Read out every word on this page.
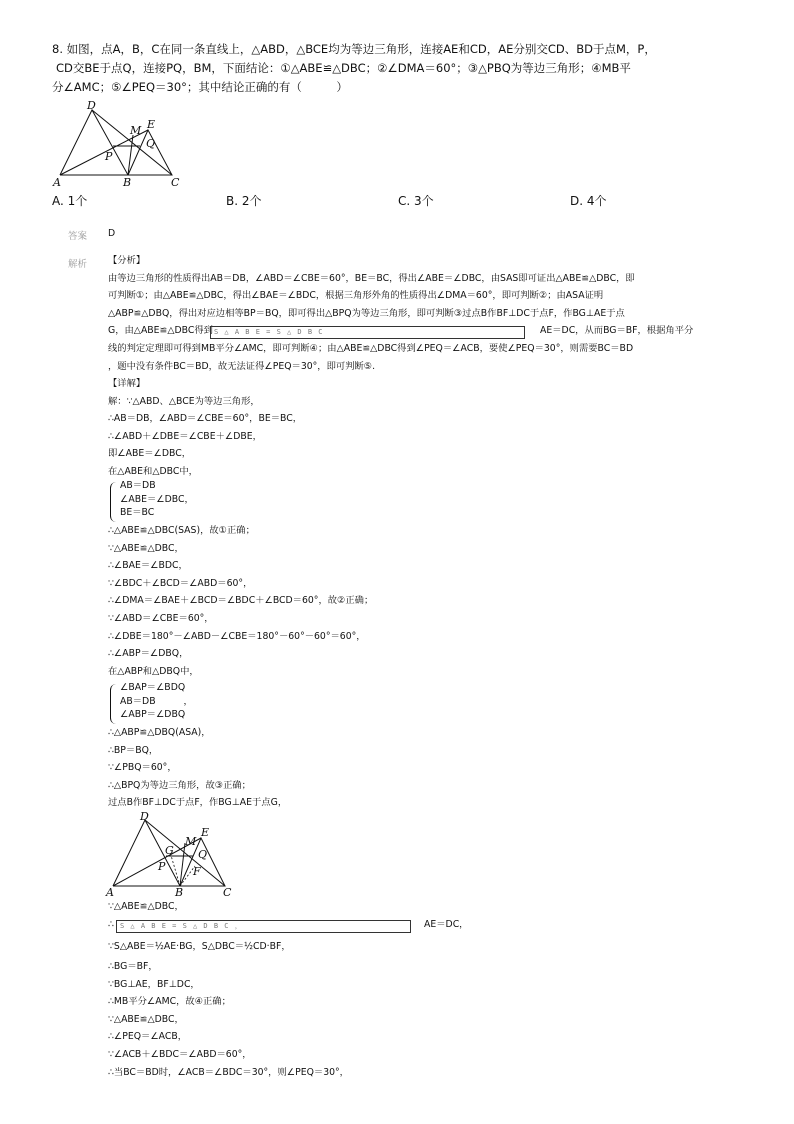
8. 如图，点A，B，C在同一条直线上，△ABD，△BCE均为等边三角形，连接AE和CD，AE分别交CD、BD于点M，P，
CD交BE于点Q，连接PQ，BM，下面结论：①△ABE≌△DBC；②∠DMA＝60°；③△PBQ为等边三角形；④MB平
分∠AMC；⑤∠PEQ＝30°；其中结论正确的有（　　　）
D
M E
Q
P
A	B	C
A. 1个	B. 2个	C. 3个	D. 4个
答案 D
解析 【分析】
由等边三角形的性质得出AB＝DB，∠ABD＝∠CBE＝60°，BE＝BC，得出∠ABE＝∠DBC，由SAS即可证出△ABE≌△DBC，即
可判断①；由△ABE≌△DBC，得出∠BAE＝∠BDC，根据三角形外角的性质得出∠DMA＝60°，即可判断②；由ASA证明
△ABP≌△DBQ，得出对应边相等BP＝BQ，即可得出△BPQ为等边三角形，即可判断③过点B作BF⊥DC于点F，作BG⊥AE于点
G，由△ABE≌△DBC得到
线的判定定理即可得到MB平分∠AMC，即可判断④；由△ABE≌△DBC得到∠PEQ＝∠ACB，要使∠PEQ＝30°，则需要BC＝BD
，题中没有条件BC＝BD，故无法证得∠PEQ＝30°，即可判断⑤.
S △ A B E = S △ D B C	AE＝DC，从而BG＝BF，根据角平分
【详解】
解：∵△ABD、△BCE为等边三角形，
∴AB＝DB，∠ABD＝∠CBE＝60°，BE＝BC，
∴∠ABD＋∠DBE＝∠CBE＋∠DBE，
即∠ABE＝∠DBC，
在△ABE和△DBC中，
AB＝DB
∠ABE＝∠DBC，
BE＝BC
∴△ABE≌△DBC(SAS)，故①正确；
∵△ABE≌△DBC，
∴∠BAE＝∠BDC，
∵∠BDC＋∠BCD＝∠ABD＝60°，
∴∠DMA＝∠BAE＋∠BCD＝∠BDC＋∠BCD＝60°，故②正确；
∵∠ABD＝∠CBE＝60°，
∴∠DBE＝180°－∠ABD－∠CBE＝180°－60°－60°＝60°，
∴∠ABP＝∠DBQ，
在△ABP和△DBQ中，
∠BAP＝∠BDQ
AB＝DB　　　，
∠ABP＝∠DBQ
∴△ABP≌△DBQ(ASA)，
∴BP＝BQ，
∵∠PBQ＝60°，
∴△BPQ为等边三角形，故③正确；
过点B作BF⊥DC于点F，作BG⊥AE于点G，
D
E
M
G Q
P	F
A	B	C
∵△ABE≌△DBC，
∴ S △ A B E = S △ D B C ，	AE＝DC，
∵S△ABE＝½AE·BG，S△DBC＝½CD·BF，
∴BG＝BF，
∵BG⊥AE，BF⊥DC，
∴MB平分∠AMC，故④正确；
∵△ABE≌△DBC，
∴∠PEQ＝∠ACB，
∵∠ACB＋∠BDC＝∠ABD＝60°，
∴当BC＝BD时，∠ACB＝∠BDC＝30°，则∠PEQ＝30°，
